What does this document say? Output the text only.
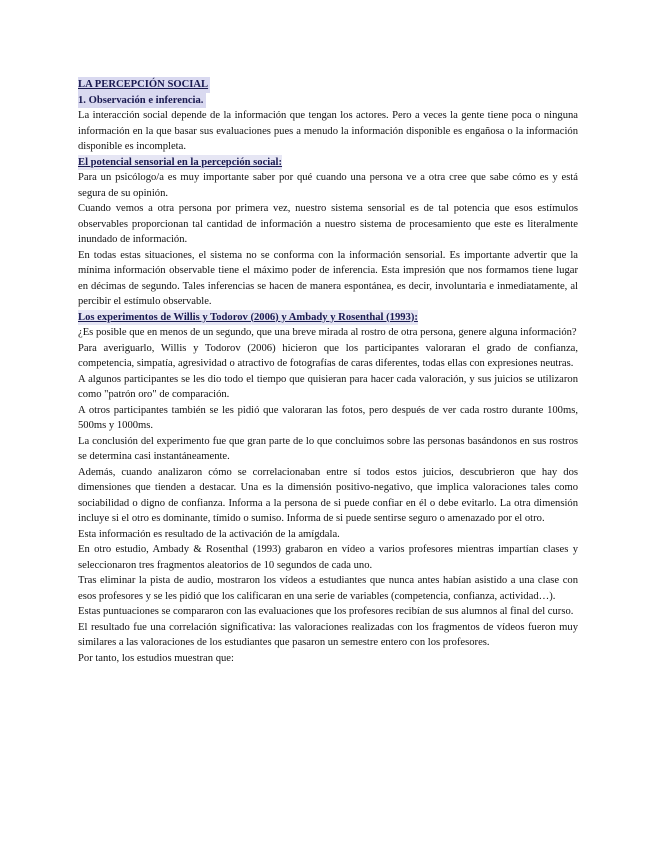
LA PERCEPCIÓN SOCIAL
1. Observación e inferencia.

La interacción social depende de la información que tengan los actores. Pero a veces la gente tiene poca o ninguna información en la que basar sus evaluaciones pues a menudo la información disponible es engañosa o la información disponible es incompleta.

El potencial sensorial en la percepción social:

Para un psicólogo/a es muy importante saber por qué cuando una persona ve a otra cree que sabe cómo es y está segura de su opinión.

Cuando vemos a otra persona por primera vez, nuestro sistema sensorial es de tal potencia que esos estímulos observables proporcionan tal cantidad de información a nuestro sistema de procesamiento que este es literalmente inundado de información.

En todas estas situaciones, el sistema no se conforma con la información sensorial. Es importante advertir que la mínima información observable tiene el máximo poder de inferencia. Esta impresión que nos formamos tiene lugar en décimas de segundo. Tales inferencias se hacen de manera espontánea, es decir, involuntaria e inmediatamente, al percibir el estímulo observable.

Los experimentos de Willis y Todorov (2006) y Ambady y Rosenthal (1993):

¿Es posible que en menos de un segundo, que una breve mirada al rostro de otra persona, genere alguna información?

Para averiguarlo, Willis y Todorov (2006) hicieron que los participantes valoraran el grado de confianza, competencia, simpatía, agresividad o atractivo de fotografías de caras diferentes, todas ellas con expresiones neutras.

A algunos participantes se les dio todo el tiempo que quisieran para hacer cada valoración, y sus juicios se utilizaron como "patrón oro" de comparación.

A otros participantes también se les pidió que valoraran las fotos, pero después de ver cada rostro durante 100ms, 500ms y 1000ms.

La conclusión del experimento fue que gran parte de lo que concluimos sobre las personas basándonos en sus rostros se determina casi instantáneamente.

Además, cuando analizaron cómo se correlacionaban entre sí todos estos juicios, descubrieron que hay dos dimensiones que tienden a destacar. Una es la dimensión positivo-negativo, que implica valoraciones tales como sociabilidad o digno de confianza. Informa a la persona de si puede confiar en él o debe evitarlo. La otra dimensión incluye si el otro es dominante, tímido o sumiso. Informa de si puede sentirse seguro o amenazado por el otro.

Esta información es resultado de la activación de la amígdala.

En otro estudio, Ambady & Rosenthal (1993) grabaron en vídeo a varios profesores mientras impartían clases y seleccionaron tres fragmentos aleatorios de 10 segundos de cada uno.

Tras eliminar la pista de audio, mostraron los vídeos a estudiantes que nunca antes habían asistido a una clase con esos profesores y se les pidió que los calificaran en una serie de variables (competencia, confianza, actividad…).

Estas puntuaciones se compararon con las evaluaciones que los profesores recibían de sus alumnos al final del curso.

El resultado fue una correlación significativa: las valoraciones realizadas con los fragmentos de vídeos fueron muy similares a las valoraciones de los estudiantes que pasaron un semestre entero con los profesores.

Por tanto, los estudios muestran que:
